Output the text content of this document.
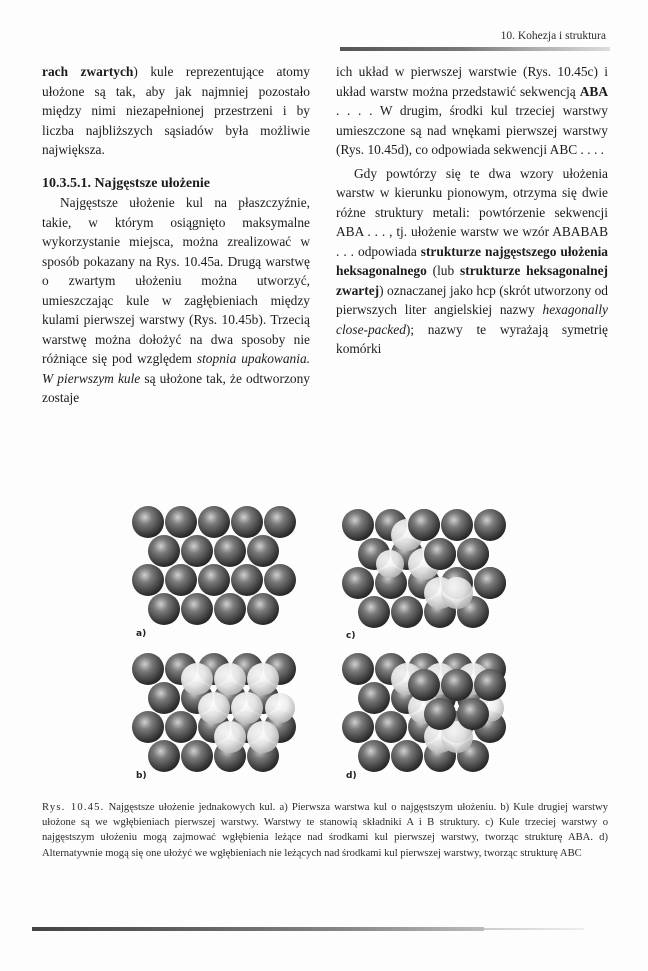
10. Kohezja i struktura

rach zwartych) kule reprezentujące atomy ułożone są tak, aby jak najmniej pozostało między nimi niezapełnionej przestrzeni i by liczba najbliższych sąsiadów była możliwie największa.

10.3.5.1. Najgęstsze ułożenie

Najgęstsze ułożenie kul na płaszczyźnie, takie, w którym osiągnięto maksymalne wykorzystanie miejsca, można zrealizować w sposób pokazany na Rys. 10.45a. Drugą warstwę o zwartym ułożeniu można utworzyć, umieszczając kule w zagłębieniach między kulami pierwszej warstwy (Rys. 10.45b). Trzecią warstwę można dołożyć na dwa sposoby nie różniące się pod względem stopnia upakowania. W pierwszym kule są ułożone tak, że odtworzony zostaje

ich układ w pierwszej warstwie (Rys. 10.45c) i układ warstw można przedstawić sekwencją ABA . . . . W drugim, środki kul trzeciej warstwy umieszczone są nad wnękami pierwszej warstwy (Rys. 10.45d), co odpowiada sekwencji ABC . . . .

Gdy powtórzy się te dwa wzory ułożenia warstw w kierunku pionowym, otrzyma się dwie różne struktury metali: powtórzenie sekwencji ABA . . . , tj. ułożenie warstw we wzór ABABAB . . . odpowiada strukturze najgęstszego ułożenia heksagonalnego (lub strukturze heksagonalnej zwartej) oznaczanej jako hcp (skrót utworzony od pierwszych liter angielskiej nazwy hexagonally close-packed); nazwy te wyrażają symetrię komórki

a)	c)
b)	d)
Rys. 10.45. Najgęstsze ułożenie jednakowych kul. a) Pierwsza warstwa kul o najgęstszym ułożeniu. b) Kule drugiej warstwy ułożone są we wgłębieniach pierwszej warstwy. Warstwy te stanowią składniki A i B struktury. c) Kule trzeciej warstwy o najgęstszym ułożeniu mogą zajmować wgłębienia leżące nad środkami kul pierwszej warstwy, tworząc strukturę ABA. d) Alternatywnie mogą się one ułożyć we wgłębieniach nie leżących nad środkami kul pierwszej warstwy, tworząc strukturę ABC
